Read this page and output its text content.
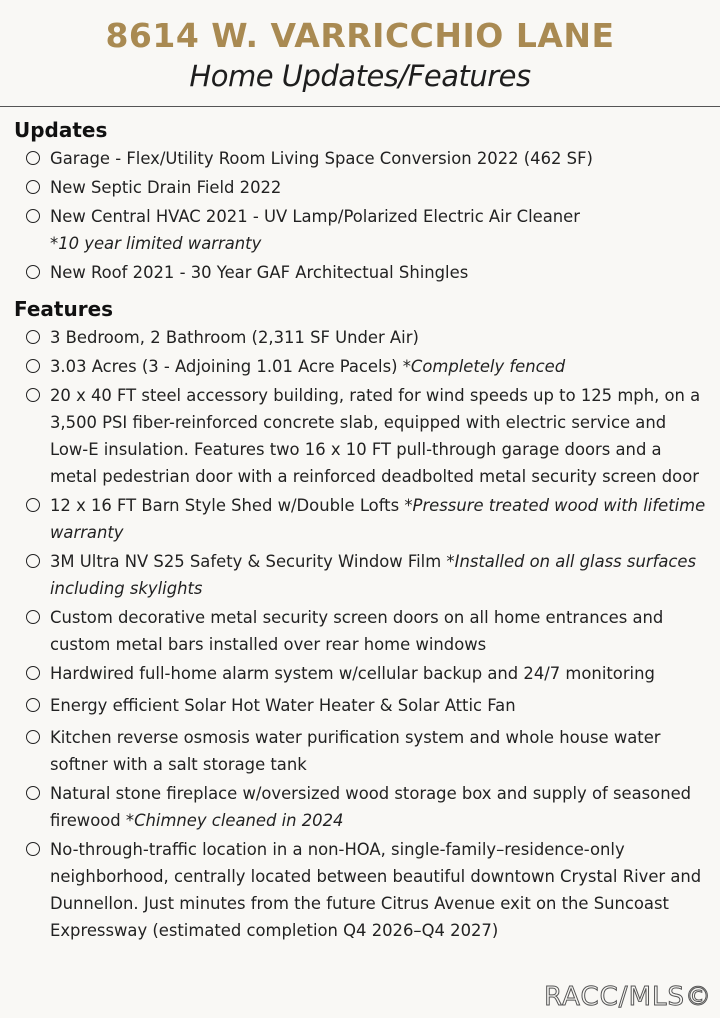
8614 W. VARRICCHIO LANE
Home Updates/Features
Updates
Garage - Flex/Utility Room Living Space Conversion 2022 (462 SF)
New Septic Drain Field 2022
New Central HVAC 2021 - UV Lamp/Polarized Electric Air Cleaner
*10 year limited warranty
New Roof 2021 - 30 Year GAF Architectual Shingles
Features
3 Bedroom, 2 Bathroom (2,311 SF Under Air)
3.03 Acres (3 - Adjoining 1.01 Acre Pacels) *Completely fenced
20 x 40 FT steel accessory building, rated for wind speeds up to 125 mph, on a 3,500 PSI fiber-reinforced concrete slab, equipped with electric service and Low-E insulation. Features two 16 x 10 FT pull-through garage doors and a metal pedestrian door with a reinforced deadbolted metal security screen door
12 x 16 FT Barn Style Shed w/Double Lofts *Pressure treated wood with lifetime warranty
3M Ultra NV S25 Safety & Security Window Film *Installed on all glass surfaces including skylights
Custom decorative metal security screen doors on all home entrances and custom metal bars installed over rear home windows
Hardwired full-home alarm system w/cellular backup and 24/7 monitoring
Energy efficient Solar Hot Water Heater & Solar Attic Fan
Kitchen reverse osmosis water purification system and whole house water softner with a salt storage tank
Natural stone fireplace w/oversized wood storage box and supply of seasoned firewood *Chimney cleaned in 2024
No-through-traffic location in a non-HOA, single-family–residence-only neighborhood, centrally located between beautiful downtown Crystal River and Dunnellon. Just minutes from the future Citrus Avenue exit on the Suncoast Expressway (estimated completion Q4 2026–Q4 2027)
RACC/MLS©
